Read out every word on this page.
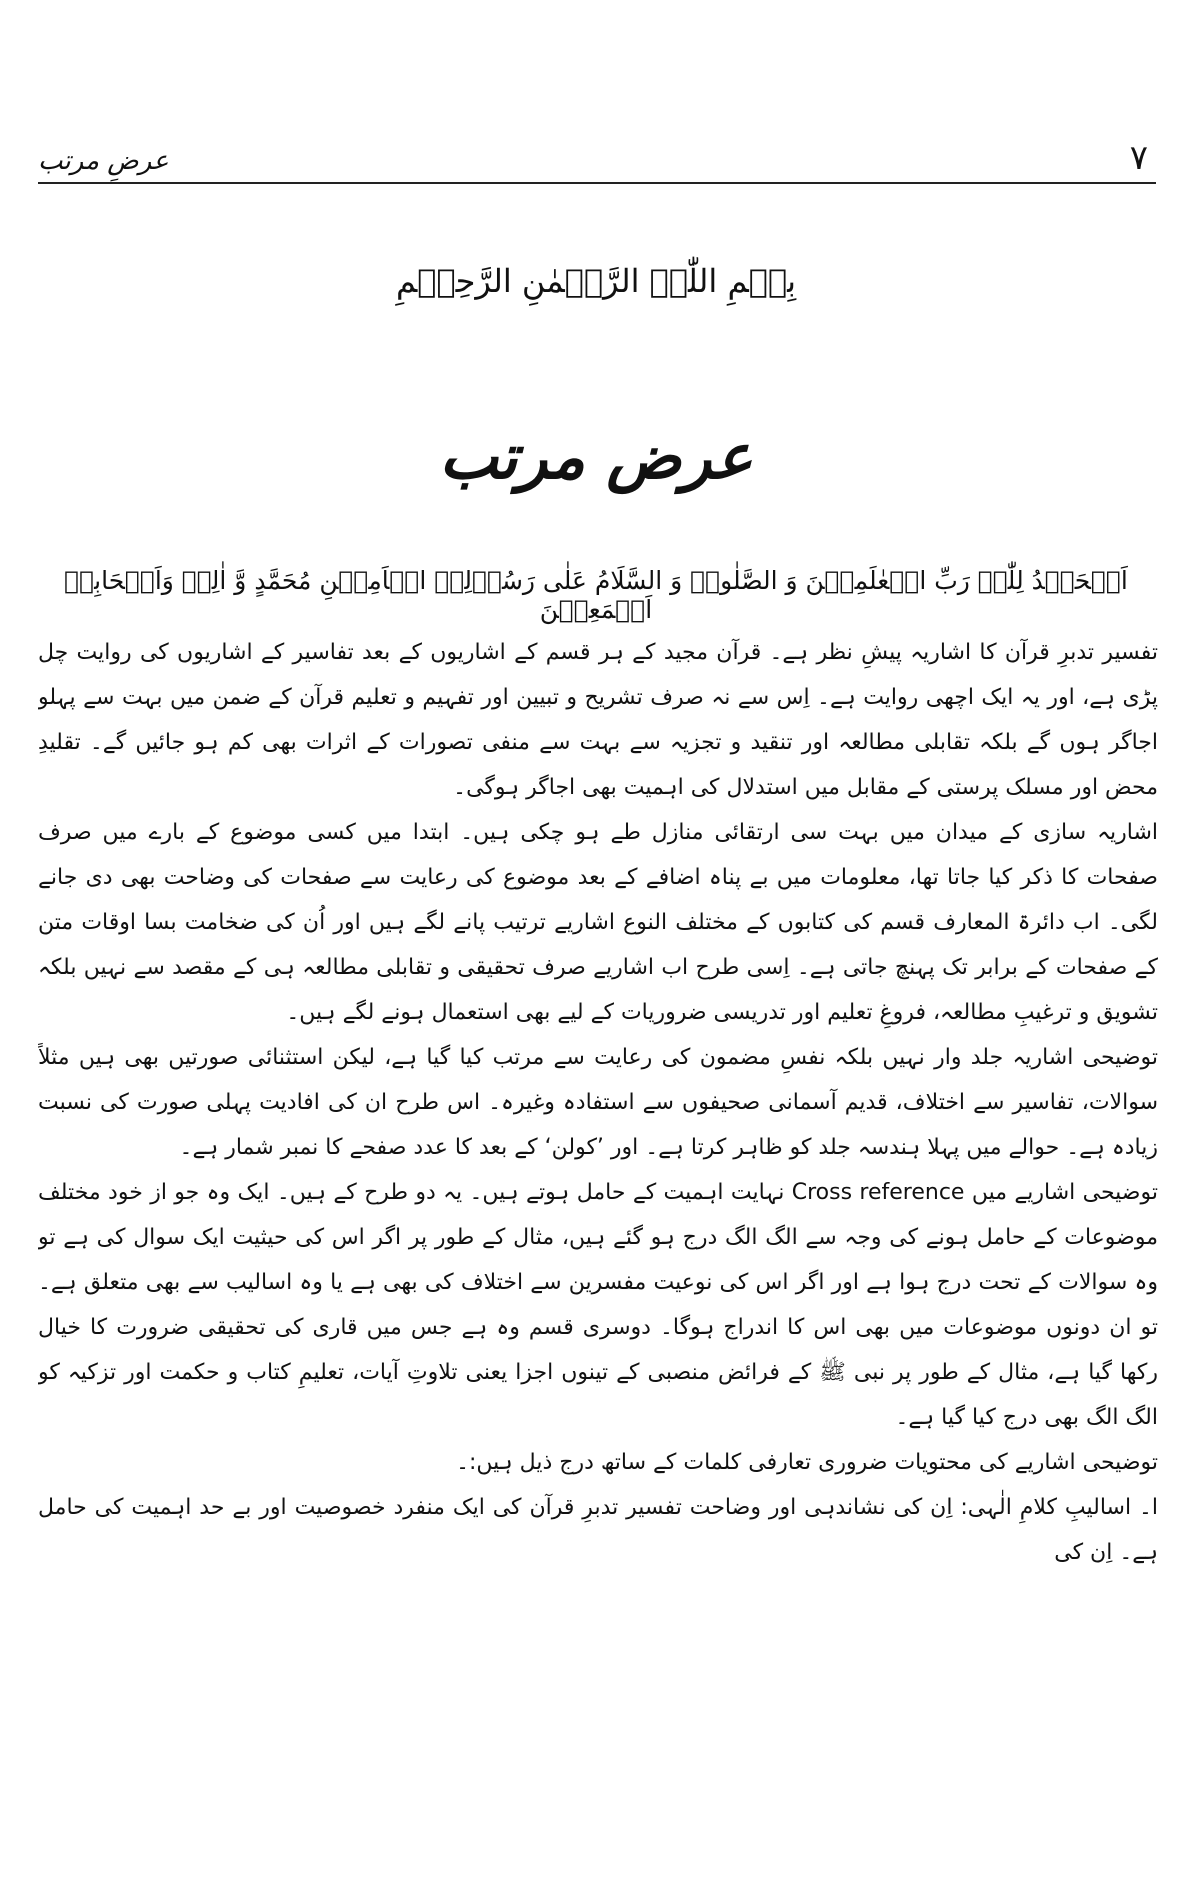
عرضِ مرتب	۷
بِسۡمِ اللّٰہِ الرَّحۡمٰنِ الرَّحِیۡمِ
عرض مرتب
اَلۡحَمۡدُ لِلّٰہِ رَبِّ الۡعٰلَمِیۡنَ وَ الصَّلٰوۃُ وَ السَّلَامُ عَلٰی رَسُوۡلِہِ الۡاَمِیۡنِ مُحَمَّدٍ وَّ اٰلِہٖ وَاَصۡحَابِہٖ اَجۡمَعِیۡنَ

تفسیر تدبرِ قرآن کا اشاریہ پیشِ نظر ہے۔ قرآن مجید کے ہر قسم کے اشاریوں کے بعد تفاسیر کے اشاریوں کی روایت چل پڑی ہے، اور یہ ایک اچھی روایت ہے۔ اِس سے نہ صرف تشریح و تبیین اور تفہیم و تعلیم قرآن کے ضمن میں بہت سے پہلو اجاگر ہوں گے بلکہ تقابلی مطالعہ اور تنقید و تجزیہ سے بہت سے منفی تصورات کے اثرات بھی کم ہو جائیں گے۔ تقلیدِ محض اور مسلک پرستی کے مقابل میں استدلال کی اہمیت بھی اجاگر ہوگی۔

اشاریہ سازی کے میدان میں بہت سی ارتقائی منازل طے ہو چکی ہیں۔ ابتدا میں کسی موضوع کے بارے میں صرف صفحات کا ذکر کیا جاتا تھا، معلومات میں بے پناہ اضافے کے بعد موضوع کی رعایت سے صفحات کی وضاحت بھی دی جانے لگی۔ اب دائرۃ المعارف قسم کی کتابوں کے مختلف النوع اشاریے ترتیب پانے لگے ہیں اور اُن کی ضخامت بسا اوقات متن کے صفحات کے برابر تک پہنچ جاتی ہے۔ اِسی طرح اب اشاریے صرف تحقیقی و تقابلی مطالعہ ہی کے مقصد سے نہیں بلکہ تشویق و ترغیبِ مطالعہ، فروغِ تعلیم اور تدریسی ضروریات کے لیے بھی استعمال ہونے لگے ہیں۔

توضیحی اشاریہ جلد وار نہیں بلکہ نفسِ مضمون کی رعایت سے مرتب کیا گیا ہے، لیکن استثنائی صورتیں بھی ہیں مثلاً سوالات، تفاسیر سے اختلاف، قدیم آسمانی صحیفوں سے استفادہ وغیرہ۔ اس طرح ان کی افادیت پہلی صورت کی نسبت زیادہ ہے۔ حوالے میں پہلا ہندسہ جلد کو ظاہر کرتا ہے۔ اور ’کولن‘ کے بعد کا عدد صفحے کا نمبر شمار ہے۔

توضیحی اشاریے میں Cross reference نہایت اہمیت کے حامل ہوتے ہیں۔ یہ دو طرح کے ہیں۔ ایک وہ جو از خود مختلف موضوعات کے حامل ہونے کی وجہ سے الگ الگ درج ہو گئے ہیں، مثال کے طور پر اگر اس کی حیثیت ایک سوال کی ہے تو وہ سوالات کے تحت درج ہوا ہے اور اگر اس کی نوعیت مفسرین سے اختلاف کی بھی ہے یا وہ اسالیب سے بھی متعلق ہے۔ تو ان دونوں موضوعات میں بھی اس کا اندراج ہوگا۔ دوسری قسم وہ ہے جس میں قاری کی تحقیقی ضرورت کا خیال رکھا گیا ہے، مثال کے طور پر نبی ﷺ کے فرائض منصبی کے تینوں اجزا یعنی تلاوتِ آیات، تعلیمِ کتاب و حکمت اور تزکیہ کو الگ الگ بھی درج کیا گیا ہے۔

توضیحی اشاریے کی محتویات ضروری تعارفی کلمات کے ساتھ درج ذیل ہیں:۔

ا۔ اسالیبِ کلامِ الٰہی: اِن کی نشاندہی اور وضاحت تفسیر تدبرِ قرآن کی ایک منفرد خصوصیت اور بے حد اہمیت کی حامل ہے۔ اِن کی
